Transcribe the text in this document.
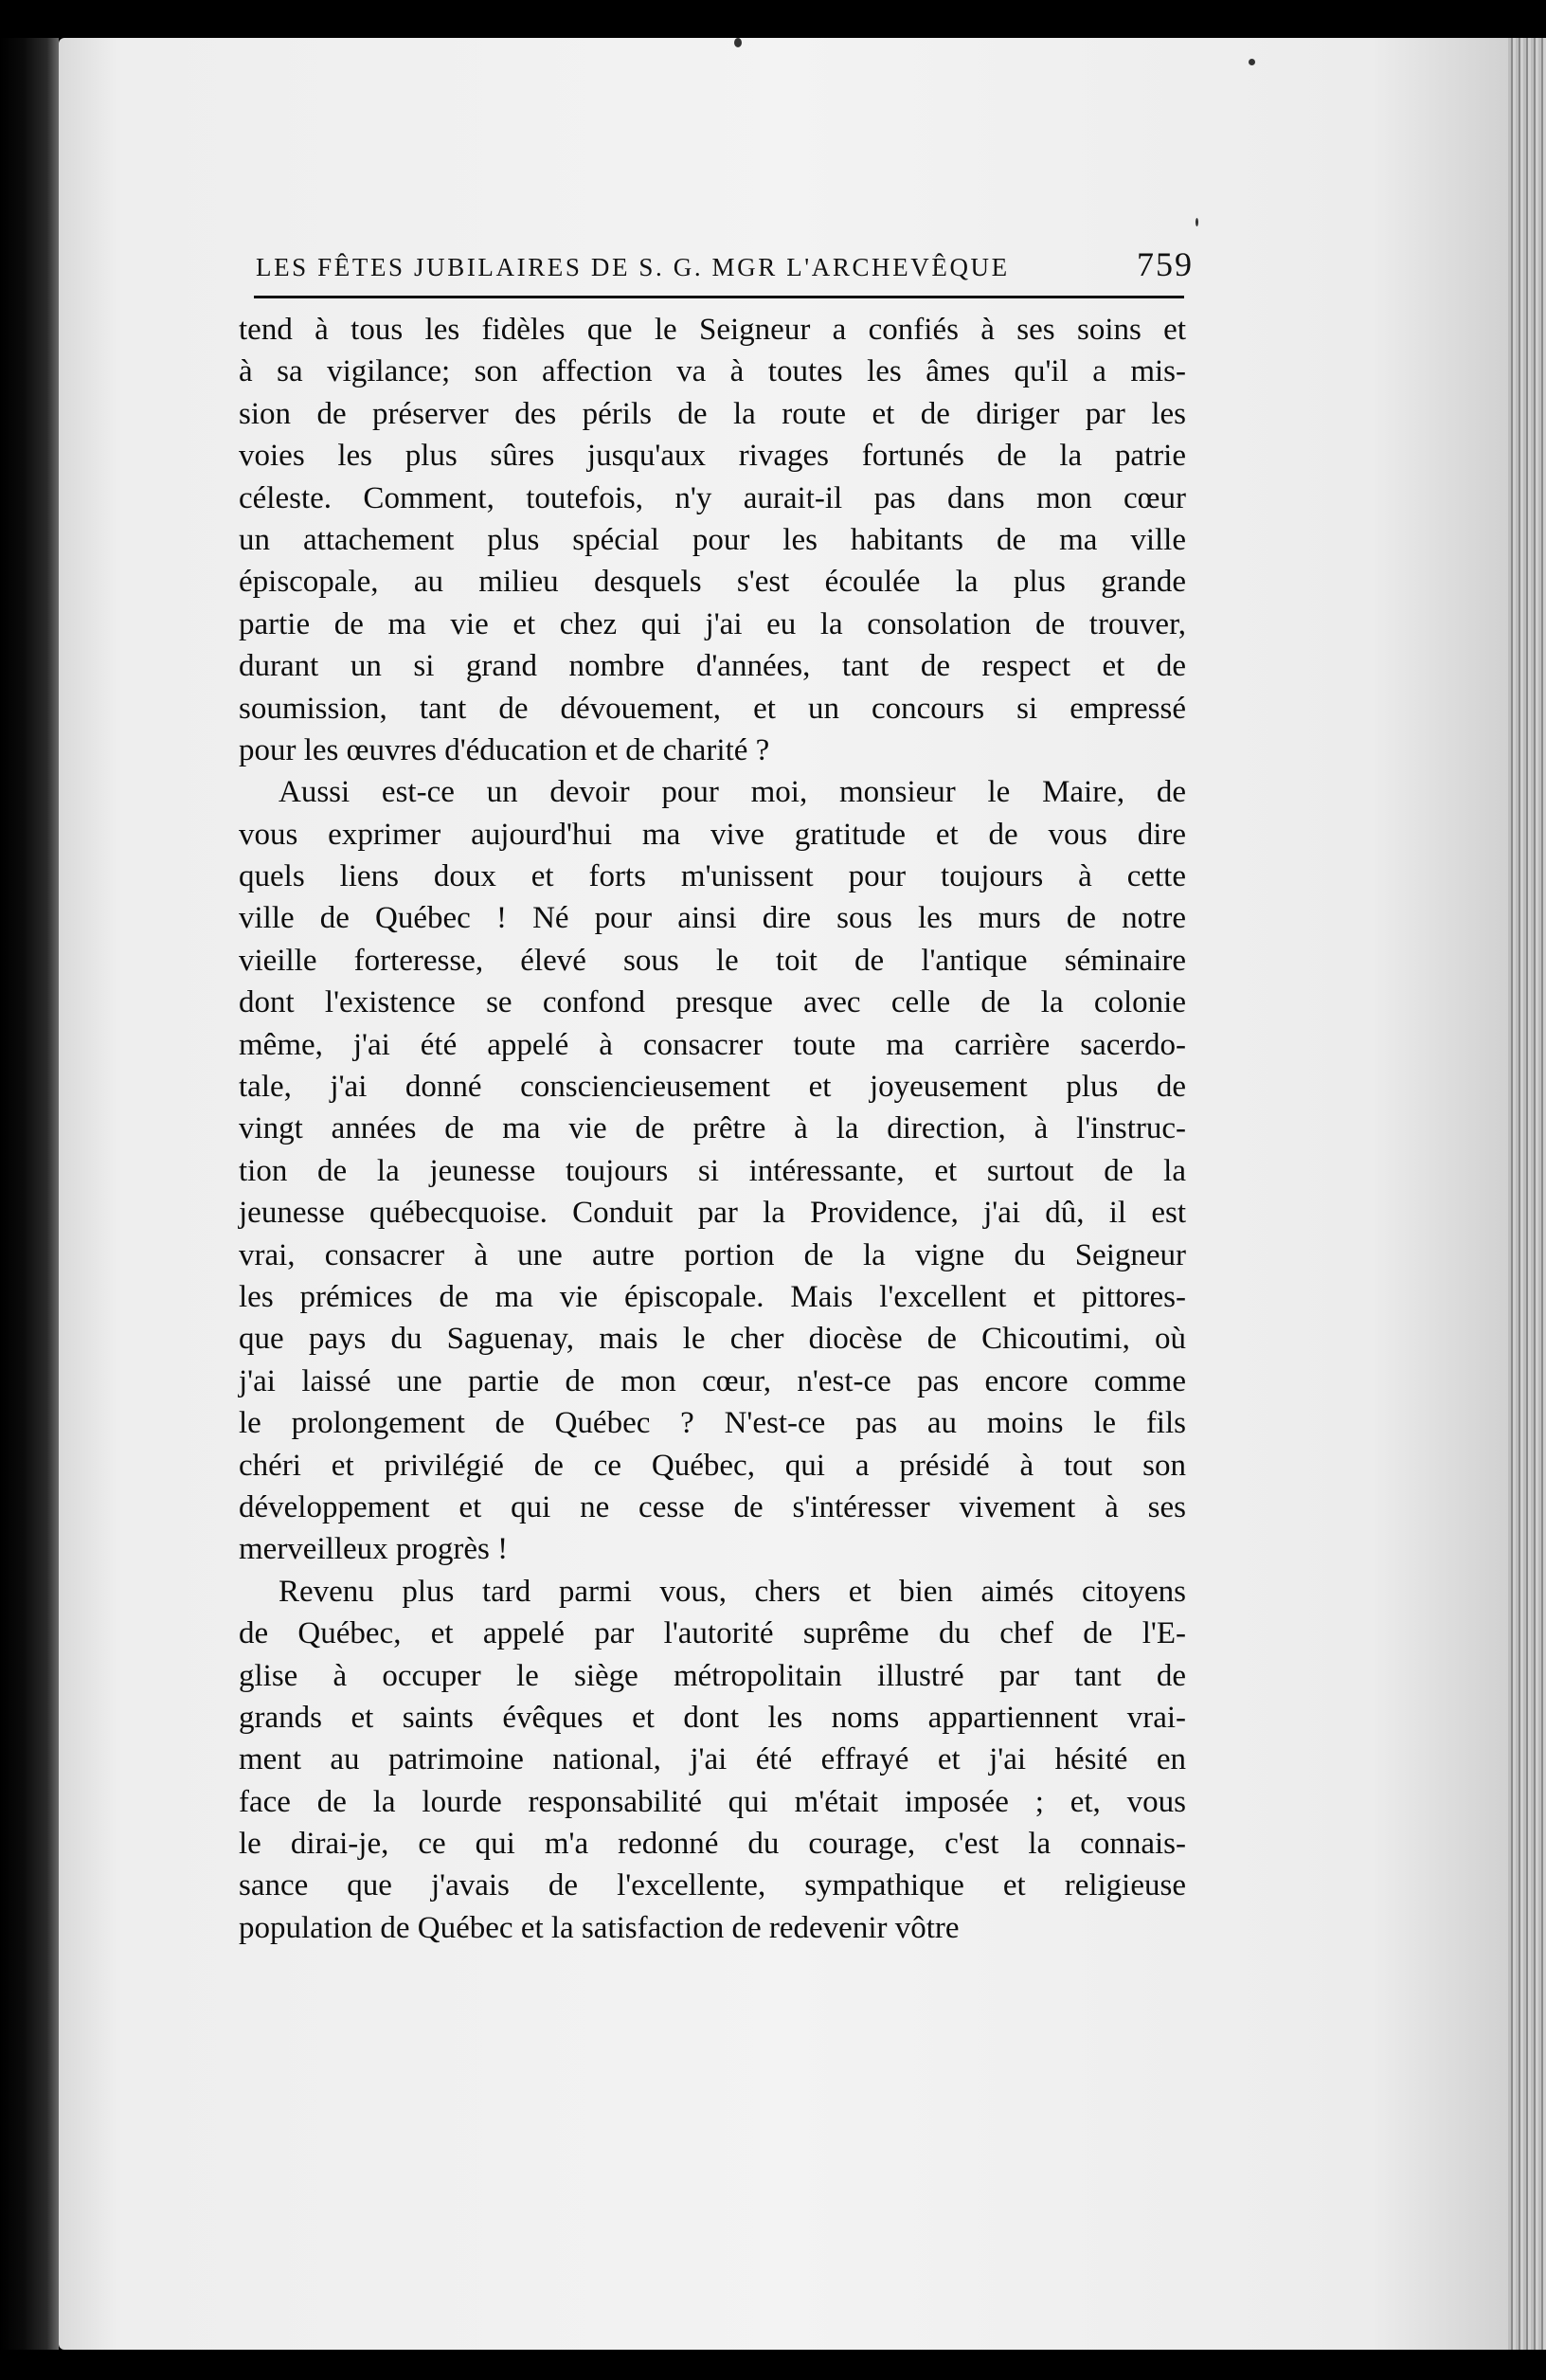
LES FÊTES JUBILAIRES DE S. G. MGR L'ARCHEVÊQUE	759
tend à tous les fidèles que le Seigneur a confiés à ses soins et
à sa vigilance; son affection va à toutes les âmes qu'il a mis-
sion de préserver des périls de la route et de diriger par les
voies les plus sûres jusqu'aux rivages fortunés de la patrie
céleste. Comment, toutefois, n'y aurait-il pas dans mon cœur
un attachement plus spécial pour les habitants de ma ville
épiscopale, au milieu desquels s'est écoulée la plus grande
partie de ma vie et chez qui j'ai eu la consolation de trouver,
durant un si grand nombre d'années, tant de respect et de
soumission, tant de dévouement, et un concours si empressé
pour les œuvres d'éducation et de charité ?
Aussi est-ce un devoir pour moi, monsieur le Maire, de
vous exprimer aujourd'hui ma vive gratitude et de vous dire
quels liens doux et forts m'unissent pour toujours à cette
ville de Québec ! Né pour ainsi dire sous les murs de notre
vieille forteresse, élevé sous le toit de l'antique séminaire
dont l'existence se confond presque avec celle de la colonie
même, j'ai été appelé à consacrer toute ma carrière sacerdo-
tale, j'ai donné consciencieusement et joyeusement plus de
vingt années de ma vie de prêtre à la direction, à l'instruc-
tion de la jeunesse toujours si intéressante, et surtout de la
jeunesse québecquoise. Conduit par la Providence, j'ai dû, il est
vrai, consacrer à une autre portion de la vigne du Seigneur
les prémices de ma vie épiscopale. Mais l'excellent et pittores-
que pays du Saguenay, mais le cher diocèse de Chicoutimi, où
j'ai laissé une partie de mon cœur, n'est-ce pas encore comme
le prolongement de Québec ? N'est-ce pas au moins le fils
chéri et privilégié de ce Québec, qui a présidé à tout son
développement et qui ne cesse de s'intéresser vivement à ses
merveilleux progrès !
Revenu plus tard parmi vous, chers et bien aimés citoyens
de Québec, et appelé par l'autorité suprême du chef de l'E-
glise à occuper le siège métropolitain illustré par tant de
grands et saints évêques et dont les noms appartiennent vrai-
ment au patrimoine national, j'ai été effrayé et j'ai hésité en
face de la lourde responsabilité qui m'était imposée ; et, vous
le dirai-je, ce qui m'a redonné du courage, c'est la connais-
sance que j'avais de l'excellente, sympathique et religieuse
population de Québec et la satisfaction de redevenir vôtre
